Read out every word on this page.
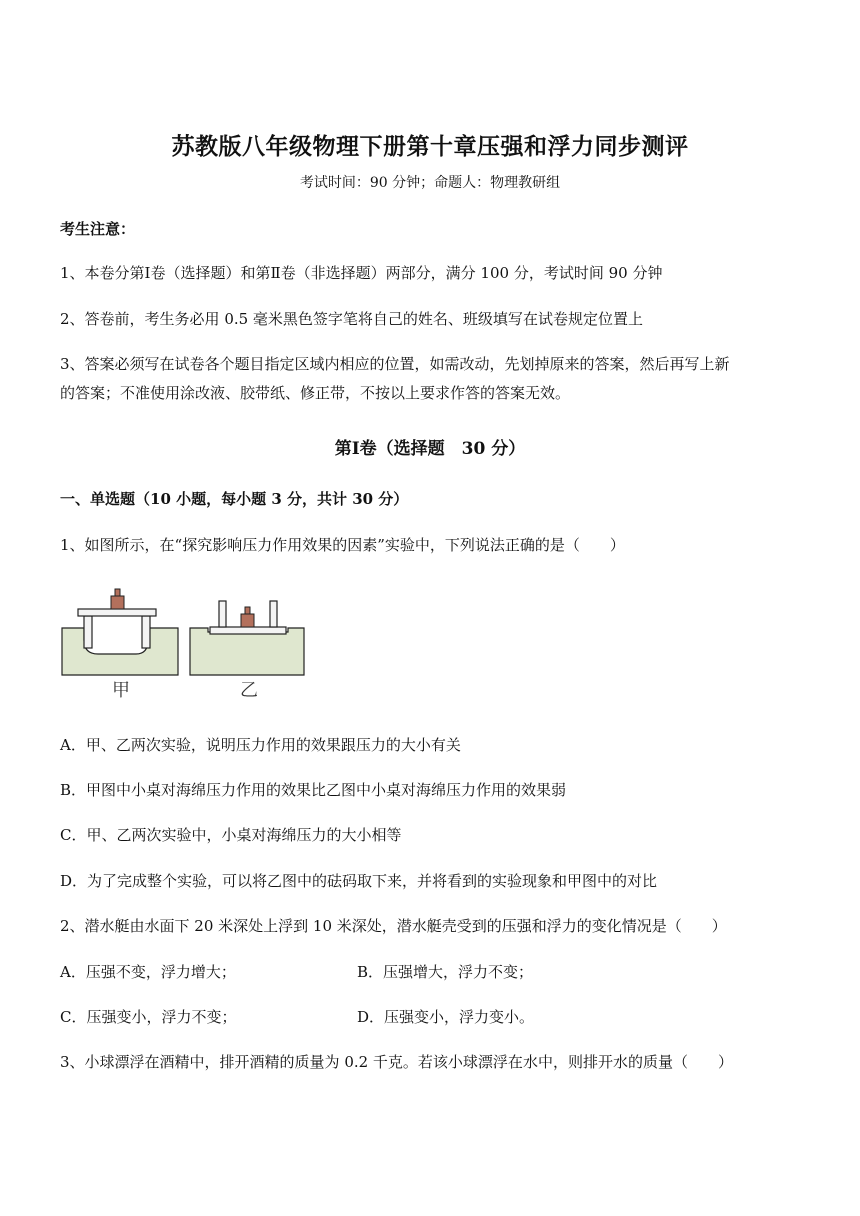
苏教版八年级物理下册第十章压强和浮力同步测评
考试时间：90 分钟；命题人：物理教研组
考生注意：
1、本卷分第Ⅰ卷（选择题）和第Ⅱ卷（非选择题）两部分，满分 100 分，考试时间 90 分钟
2、答卷前，考生务必用 0.5 毫米黑色签字笔将自己的姓名、班级填写在试卷规定位置上
3、答案必须写在试卷各个题目指定区域内相应的位置，如需改动，先划掉原来的答案，然后再写上新
的答案；不准使用涂改液、胶带纸、修正带，不按以上要求作答的答案无效。
第Ⅰ卷（选择题　30 分）
一、单选题（10 小题，每小题 3 分，共计 30 分）
1、如图所示，在“探究影响压力作用效果的因素”实验中，下列说法正确的是（　　）
甲	乙
A．甲、乙两次实验，说明压力作用的效果跟压力的大小有关
B．甲图中小桌对海绵压力作用的效果比乙图中小桌对海绵压力作用的效果弱
C．甲、乙两次实验中，小桌对海绵压力的大小相等
D．为了完成整个实验，可以将乙图中的砝码取下来，并将看到的实验现象和甲图中的对比
2、潜水艇由水面下 20 米深处上浮到 10 米深处，潜水艇壳受到的压强和浮力的变化情况是（　　）
A．压强不变，浮力增大；	B．压强增大，浮力不变；
C．压强变小，浮力不变；	D．压强变小，浮力变小。
3、小球漂浮在酒精中，排开酒精的质量为 0.2 千克。若该小球漂浮在水中，则排开水的质量（　　）
